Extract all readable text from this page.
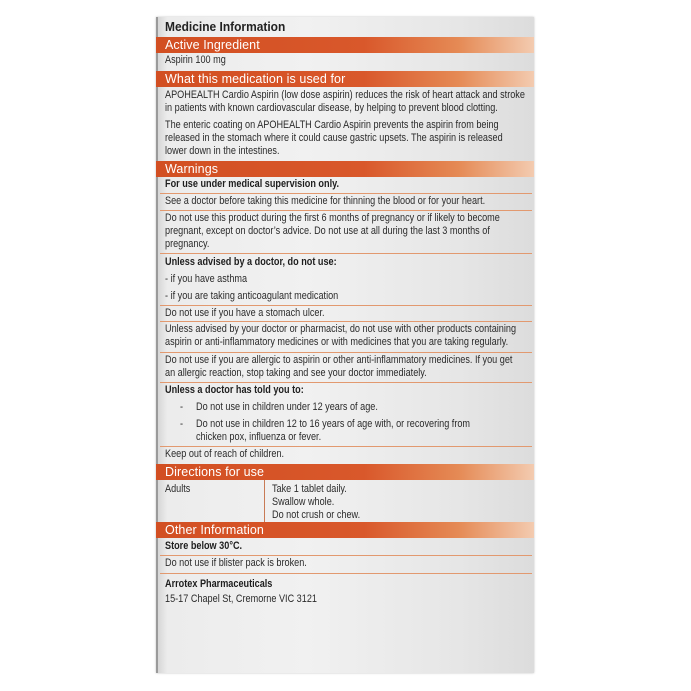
Medicine Information
Active Ingredient
Aspirin 100 mg
What this medication is used for
APOHEALTH Cardio Aspirin (low dose aspirin) reduces the risk of heart attack and stroke
in patients with known cardiovascular disease, by helping to prevent blood clotting.
The enteric coating on APOHEALTH Cardio Aspirin prevents the aspirin from being
released in the stomach where it could cause gastric upsets. The aspirin is released
lower down in the intestines.
Warnings
For use under medical supervision only.
See a doctor before taking this medicine for thinning the blood or for your heart.
Do not use this product during the first 6 months of pregnancy or if likely to become
pregnant, except on doctor’s advice. Do not use at all during the last 3 months of
pregnancy.
Unless advised by a doctor, do not use:
- if you have asthma
- if you are taking anticoagulant medication
Do not use if you have a stomach ulcer.
Unless advised by your doctor or pharmacist, do not use with other products containing
aspirin or anti-inflammatory medicines or with medicines that you are taking regularly.
Do not use if you are allergic to aspirin or other anti-inflammatory medicines. If you get
an allergic reaction, stop taking and see your doctor immediately.
Unless a doctor has told you to:
- Do not use in children under 12 years of age.
- Do not use in children 12 to 16 years of age with, or recovering from
chicken pox, influenza or fever.
Keep out of reach of children.
Directions for use
Adults	Take 1 tablet daily.
Swallow whole.
Do not crush or chew.
Other Information
Store below 30°C.
Do not use if blister pack is broken.
Arrotex Pharmaceuticals
15-17 Chapel St, Cremorne VIC 3121
